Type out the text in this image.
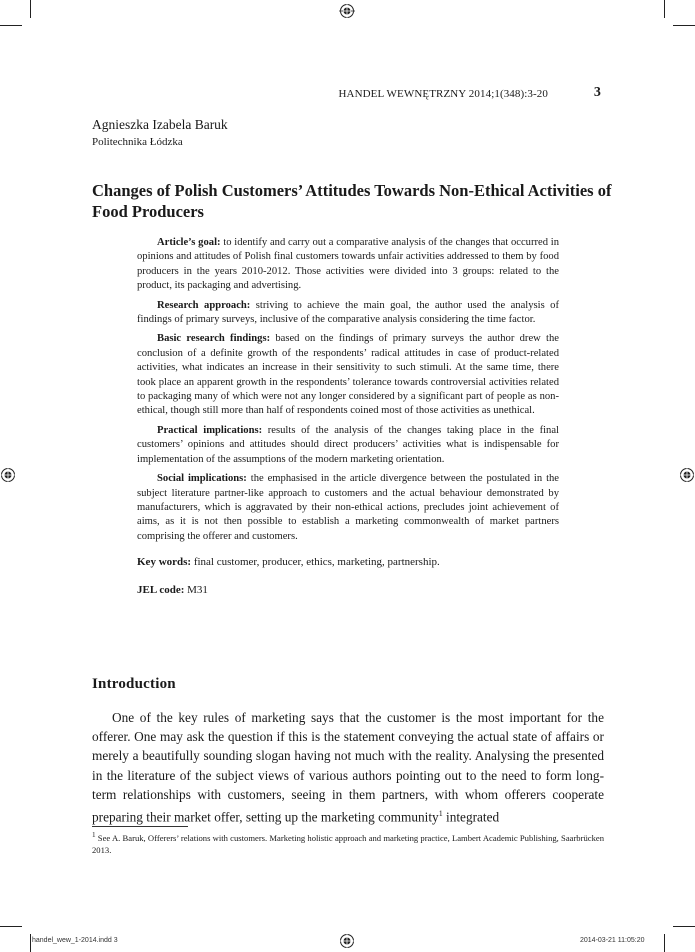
HANDEL WEWNĘTRZNY 2014;1(348):3-20	3
Agnieszka Izabela Baruk
Politechnika Łódzka
Changes of Polish Customers’ Attitudes Towards Non-Ethical Activities of Food Producers

Article’s goal: to identify and carry out a comparative analysis of the changes that occurred in opinions and attitudes of Polish final customers towards unfair activities addressed to them by food producers in the years 2010-2012. Those activities were divided into 3 groups: related to the product, its packaging and advertising.

Research approach: striving to achieve the main goal, the author used the analysis of findings of primary surveys, inclusive of the comparative analysis considering the time factor.

Basic research findings: based on the findings of primary surveys the author drew the conclusion of a definite growth of the respondents’ radical attitudes in case of product-related activities, what indicates an increase in their sensitivity to such stimuli. At the same time, there took place an apparent growth in the respondents’ tolerance towards controversial activities related to packaging many of which were not any longer considered by a significant part of people as non-ethical, though still more than half of respondents coined most of those activities as unethical.

Practical implications: results of the analysis of the changes taking place in the final customers’ opinions and attitudes should direct producers’ activities what is indispensable for implementation of the assumptions of the modern marketing orientation.

Social implications: the emphasised in the article divergence between the postulated in the subject literature partner-like approach to customers and the actual behaviour demonstrated by manufacturers, which is aggravated by their non-ethical actions, precludes joint achievement of aims, as it is not then possible to establish a marketing commonwealth of market partners comprising the offerer and customers.

Key words: final customer, producer, ethics, marketing, partnership.

JEL code: M31

Introduction

One of the key rules of marketing says that the customer is the most important for the offerer. One may ask the question if this is the statement conveying the actual state of affairs or merely a beautifully sounding slogan having not much with the reality. Analysing the presented in the literature of the subject views of various authors pointing out to the need to form long-term relationships with customers, seeing in them partners, with whom offerers cooperate preparing their market offer, setting up the marketing community$^1$ integrated

$^1$ See A. Baruk, Offerers’ relations with customers. Marketing holistic approach and marketing practice, Lambert Academic Publishing, Saarbrücken 2013.
handel_wew_1-2014.indd 3	2014-03-21 11:05:20
